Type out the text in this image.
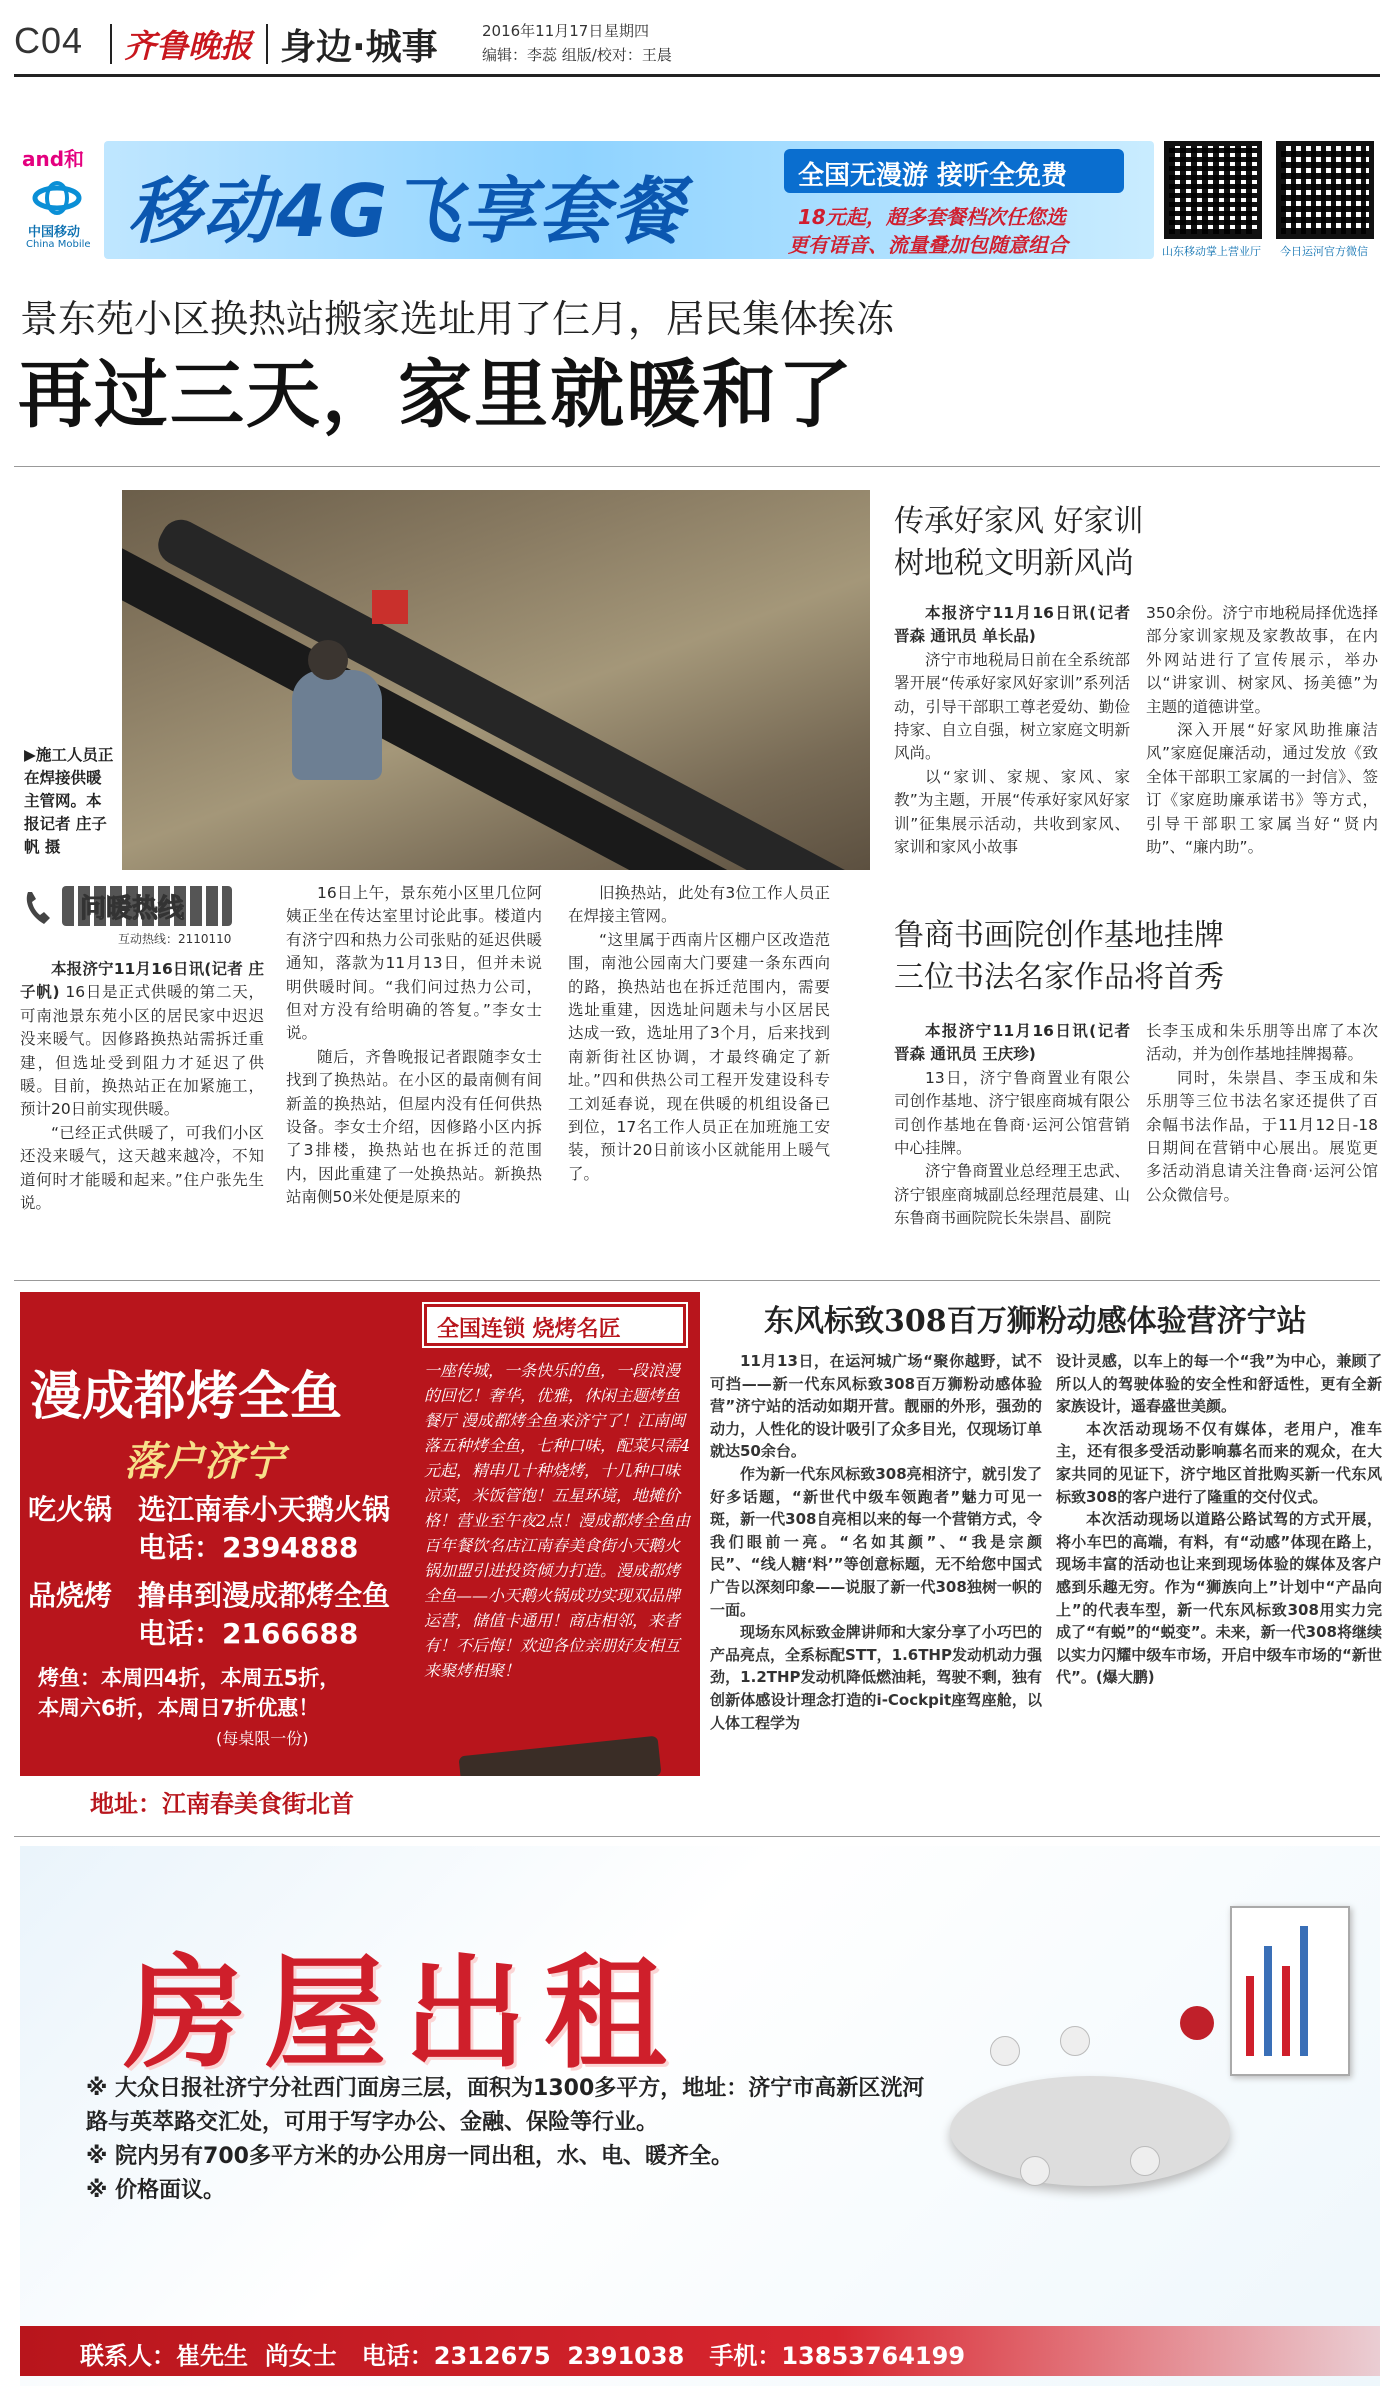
C04 齐鲁晚报 身边·城事	2016年11月17日 星期四
编辑：李蕊 组版/校对：王晨
and和
中国移动
China Mobile 移动4G飞享套餐	全国无漫游 接听全免费
18元起，超多套餐档次任您选
更有语音、流量叠加包随意组合	山东移动掌上营业厅 今日运河官方微信
景东苑小区换热站搬家选址用了仨月，居民集体挨冻
再过三天，家里就暖和了
▶施工人员正在焊接供暖主管网。本报记者 庄子帆 摄
问暖热线
互动热线：2110110

本报济宁11月16日讯(记者 庄子帆) 16日是正式供暖的第二天，可南池景东苑小区的居民家中迟迟没来暖气。因修路换热站需拆迁重建，但选址受到阻力才延迟了供暖。目前，换热站正在加紧施工，预计20日前实现供暖。

“已经正式供暖了，可我们小区还没来暖气，这天越来越冷，不知道何时才能暖和起来。”住户张先生说。

16日上午，景东苑小区里几位阿姨正坐在传达室里讨论此事。楼道内有济宁四和热力公司张贴的延迟供暖通知，落款为11月13日，但并未说明供暖时间。“我们问过热力公司，但对方没有给明确的答复。”李女士说。

随后，齐鲁晚报记者跟随李女士找到了换热站。在小区的最南侧有间新盖的换热站，但屋内没有任何供热设备。李女士介绍，因修路小区内拆了3排楼，换热站也在拆迁的范围内，因此重建了一处换热站。新换热站南侧50米处便是原来的

旧换热站，此处有3位工作人员正在焊接主管网。

“这里属于西南片区棚户区改造范围，南池公园南大门要建一条东西向的路，换热站也在拆迁范围内，需要选址重建，因选址问题未与小区居民达成一致，选址用了3个月，后来找到南新街社区协调，才最终确定了新址。”四和供热公司工程开发建设科专工刘延春说，现在供暖的机组设备已到位，17名工作人员正在加班施工安装，预计20日前该小区就能用上暖气了。

传承好家风 好家训
树地税文明新风尚

本报济宁11月16日讯(记者 晋森 通讯员 单长品)

济宁市地税局日前在全系统部署开展“传承好家风好家训”系列活动，引导干部职工尊老爱幼、勤俭持家、自立自强，树立家庭文明新风尚。

以“家训、家规、家风、家教”为主题，开展“传承好家风好家训”征集展示活动，共收到家风、家训和家风小故事

350余份。济宁市地税局择优选择部分家训家规及家教故事，在内外网站进行了宣传展示，举办以“讲家训、树家风、扬美德”为主题的道德讲堂。

深入开展“好家风助推廉洁风”家庭促廉活动，通过发放《致全体干部职工家属的一封信》、签订《家庭助廉承诺书》等方式，引导干部职工家属当好“贤内助”、“廉内助”。

鲁商书画院创作基地挂牌
三位书法名家作品将首秀

本报济宁11月16日讯(记者 晋森 通讯员 王庆珍)

13日，济宁鲁商置业有限公司创作基地、济宁银座商城有限公司创作基地在鲁商·运河公馆营销中心挂牌。

济宁鲁商置业总经理王忠武、济宁银座商城副总经理范晨建、山东鲁商书画院院长朱崇昌、副院

长李玉成和朱乐朋等出席了本次活动，并为创作基地挂牌揭幕。

同时，朱崇昌、李玉成和朱乐朋等三位书法名家还提供了百余幅书法作品，于11月12日-18日期间在营销中心展出。展览更多活动消息请关注鲁商·运河公馆公众微信号。

漫成都烤全鱼
落户济宁
全国连锁 烧烤名匠
一座传城，一条快乐的鱼，一段浪漫的回忆！奢华，优雅，休闲主题烤鱼餐厅 漫成都烤全鱼来济宁了！江南闽落五种烤全鱼，七种口味，配菜只需4元起，精串几十种烧烤，十几种口味凉菜，米饭管饱！五星环境，地摊价格！营业至午夜2点！漫成都烤全鱼由百年餐饮名店江南春美食街小天鹅火锅加盟引进投资倾力打造。漫成都烤全鱼——小天鹅火锅成功实现双品牌运营，储值卡通用！商店相邻，来者有！不后悔！欢迎各位亲朋好友相互来聚烤相聚！
吃火锅 选江南春小天鹅火锅
电话：2394888
品烧烤 撸串到漫成都烤全鱼
电话：2166688
烤鱼：本周四4折，本周五5折，
本周六6折，本周日7折优惠！
(每桌限一份)
地址：江南春美食街北首
东风标致308百万狮粉动感体验营济宁站

11月13日，在运河城广场“聚你越野，试不可挡——新一代东风标致308百万狮粉动感体验营”济宁站的活动如期开营。靓丽的外形，强劲的动力，人性化的设计吸引了众多目光，仅现场订单就达50余台。

作为新一代东风标致308亮相济宁，就引发了好多话题，“新世代中级车领跑者”魅力可见一斑，新一代308自亮相以来的每一个营销方式，令我们眼前一亮。“名如其颜”、“我是宗颜民”、“线人糖‘料’”等创意标题，无不给您中国式广告以深刻印象——说服了新一代308独树一帜的一面。

现场东风标致金牌讲师和大家分享了小巧巴的产品亮点，全系标配STT，1.6THP发动机动力强劲，1.2THP发动机降低燃油耗，驾驶不剩，独有创新体感设计理念打造的i-Cockpit座驾座舱，以人体工程学为

设计灵感，以车上的每一个“我”为中心，兼顾了所以人的驾驶体验的安全性和舒适性，更有全新家族设计，遥春盛世美颜。

本次活动现场不仅有媒体，老用户，准车主，还有很多受活动影响慕名而来的观众，在大家共同的见证下，济宁地区首批购买新一代东风标致308的客户进行了隆重的交付仪式。

本次活动现场以道路公路试驾的方式开展，将小车巴的高端，有料，有“动感”体现在路上，现场丰富的活动也让来到现场体验的媒体及客户感到乐趣无穷。作为“狮族向上”计划中“产品向上”的代表车型，新一代东风标致308用实力完成了“有蜕”的“蜕变”。未来，新一代308将继续以实力闪耀中级车市场，开启中级车市场的“新世代”。(爆大鹏)

房屋出租
※ 大众日报社济宁分社西门面房三层，面积为1300多平方，地址：济宁市高新区洸河路与英萃路交汇处，可用于写字办公、金融、保险等行业。
※ 院内另有700多平方米的办公用房一同出租，水、电、暖齐全。
※ 价格面议。
联系人：崔先生  尚女士   电话：2312675  2391038   手机：13853764199
